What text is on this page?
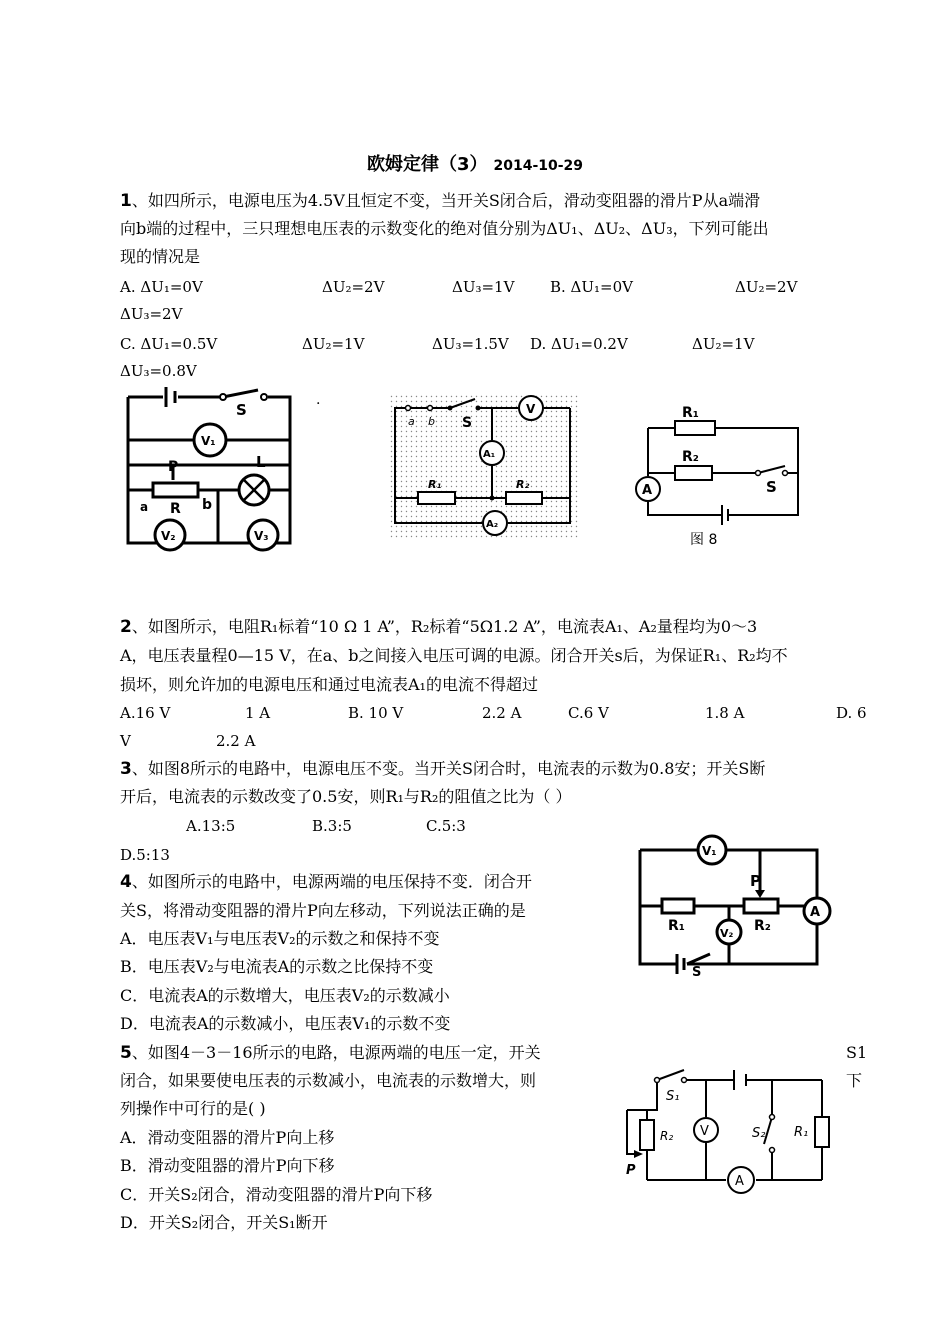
欧姆定律（3） 2014-10-29
1、如四所示，电源电压为4.5V且恒定不变，当开关S闭合后，滑动变阻器的滑片P从a端滑
向b端的过程中，三只理想电压表的示数变化的绝对值分别为ΔU₁、ΔU₂、ΔU₃，下列可能出
现的情况是
A. ΔU₁=0V	ΔU₂=2V	ΔU₃=1V B. ΔU₁=0V	ΔU₂=2V
ΔU₃=2V
C. ΔU₁=0.5V	ΔU₂=1V	ΔU₃=1.5V D. ΔU₁=0.2V	ΔU₂=1V
ΔU₃=0.8V
S
V₁
P	L
a R b
V₂	V₃
.
a b S
V
A₁
R₁	R₂
A₂
R₁
R₂
S
A
图 8
2、如图所示，电阻R₁标着“10 Ω 1 A”，R₂标着“5Ω1.2 A”，电流表A₁、A₂量程均为0～3
A，电压表量程0—15 V，在a、b之间接入电压可调的电源。闭合开关s后，为保证R₁、R₂均不
损坏，则允许加的电源电压和通过电流表A₁的电流不得超过
A.16 V	1 A	B. 10 V	2.2 A	C.6 V	1.8 A	D. 6
V	2.2 A
3、如图8所示的电路中，电源电压不变。当开关S闭合时，电流表的示数为0.8安；开关S断
开后，电流表的示数改变了0.5安，则R₁与R₂的阻值之比为（ ）
A.13:5	B.3:5	C.5:3
D.5:13
4、如图所示的电路中，电源两端的电压保持不变．闭合开
关S，将滑动变阻器的滑片P向左移动，下列说法正确的是
A．电压表V₁与电压表V₂的示数之和保持不变
B．电压表V₂与电流表A的示数之比保持不变
C．电流表A的示数增大，电压表V₂的示数减小
D．电流表A的示数减小，电压表V₁的示数不变
V₁
P
R₁	R₂
A
V₂
S
5、如图4－3－16所示的电路，电源两端的电压一定，开关	S1
下
闭合，如果要使电压表的示数减小，电流表的示数增大，则
列操作中可行的是( )
A．滑动变阻器的滑片P向上移
B．滑动变阻器的滑片P向下移
C．开关S₂闭合，滑动变阻器的滑片P向下移
D．开关S₂闭合，开关S₁断开
S₁
R₂
P
V	S₂ R₁
A
